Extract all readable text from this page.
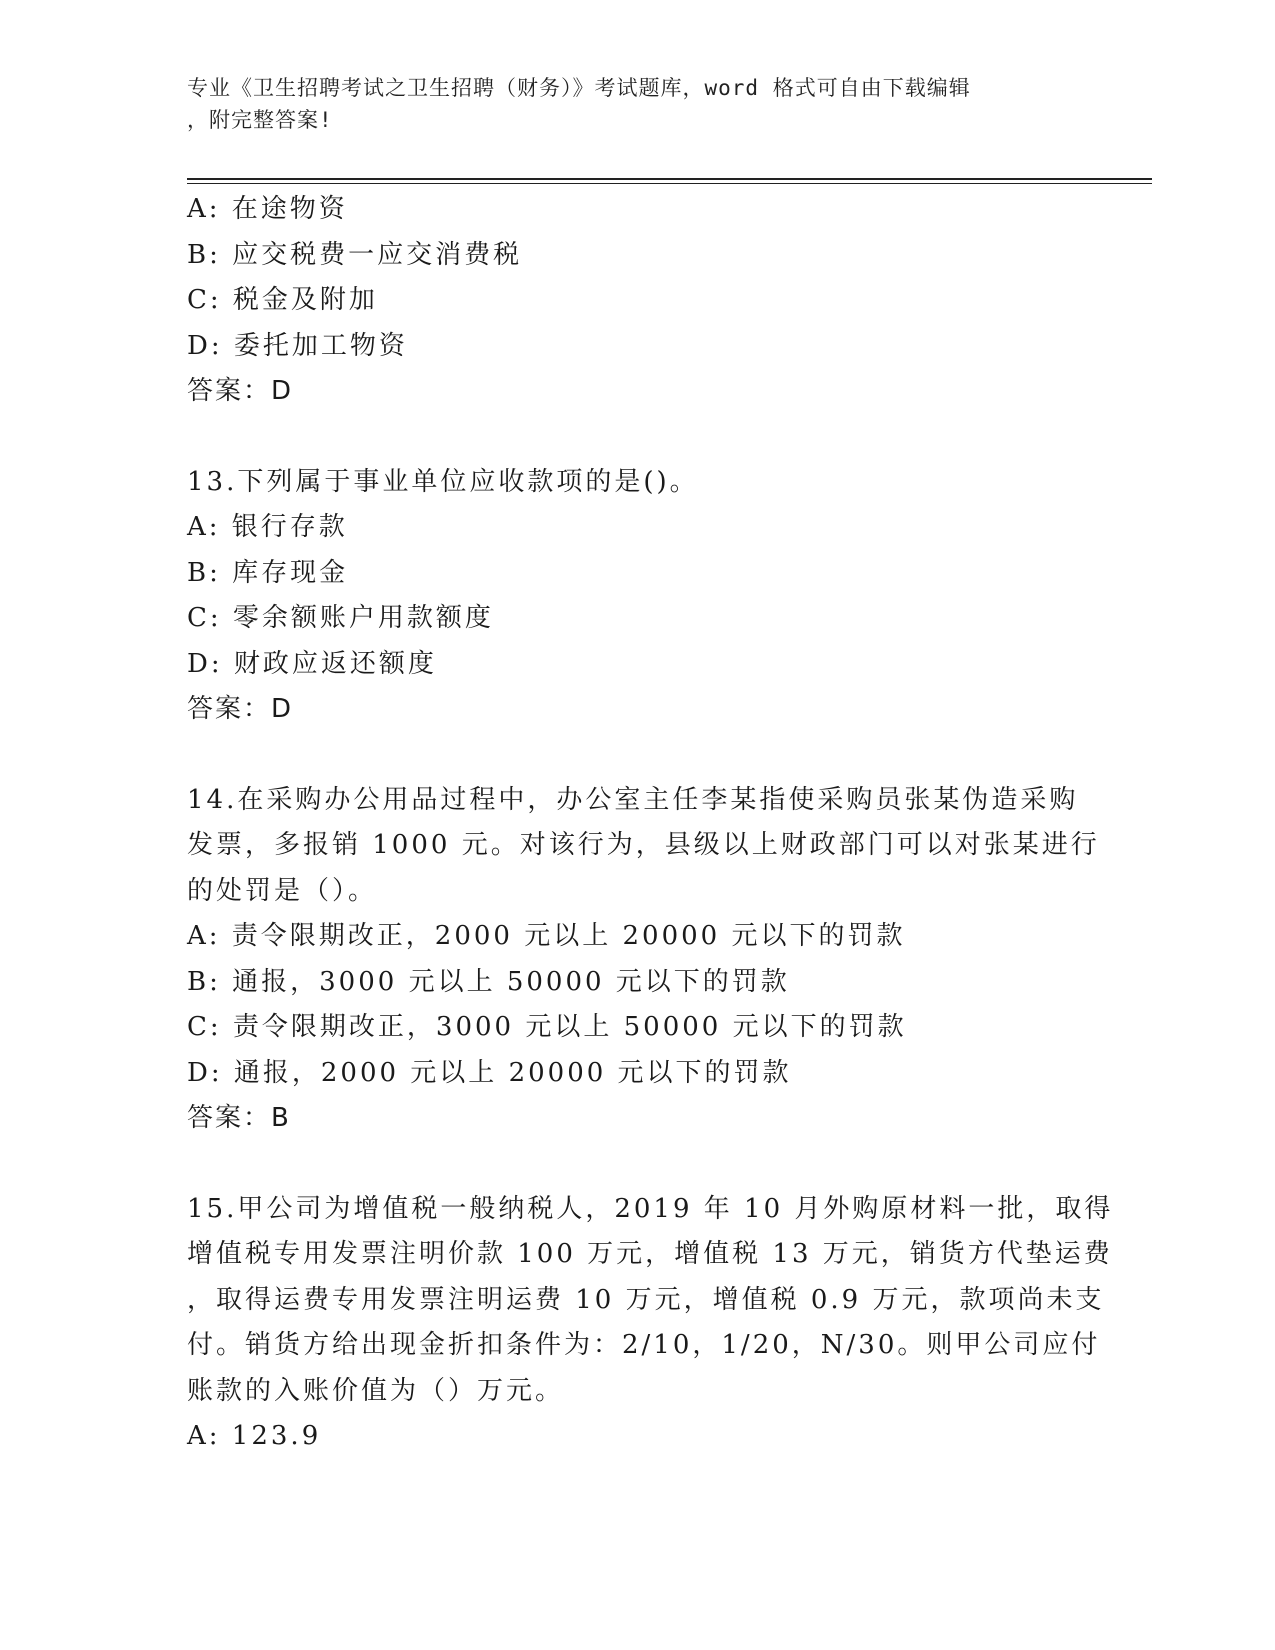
专业《卫生招聘考试之卫生招聘（财务）》考试题库，word 格式可自由下载编辑
，附完整答案!
A: 在途物资
B: 应交税费一应交消费税
C: 税金及附加
D: 委托加工物资
答案：D
13.下列属于事业单位应收款项的是()。
A: 银行存款
B: 库存现金
C: 零余额账户用款额度
D: 财政应返还额度
答案：D
14.在采购办公用品过程中，办公室主任李某指使采购员张某伪造采购
发票，多报销 1000 元。对该行为，县级以上财政部门可以对张某进行
的处罚是（）。
A: 责令限期改正，2000 元以上 20000 元以下的罚款
B: 通报，3000 元以上 50000 元以下的罚款
C: 责令限期改正，3000 元以上 50000 元以下的罚款
D: 通报，2000 元以上 20000 元以下的罚款
答案：B
15.甲公司为增值税一般纳税人，2019 年 10 月外购原材料一批，取得
增值税专用发票注明价款 100 万元，增值税 13 万元，销货方代垫运费
，取得运费专用发票注明运费 10 万元，增值税 0.9 万元，款项尚未支
付。销货方给出现金折扣条件为：2/10，1/20，N/30。则甲公司应付
账款的入账价值为（）万元。
A: 123.9
